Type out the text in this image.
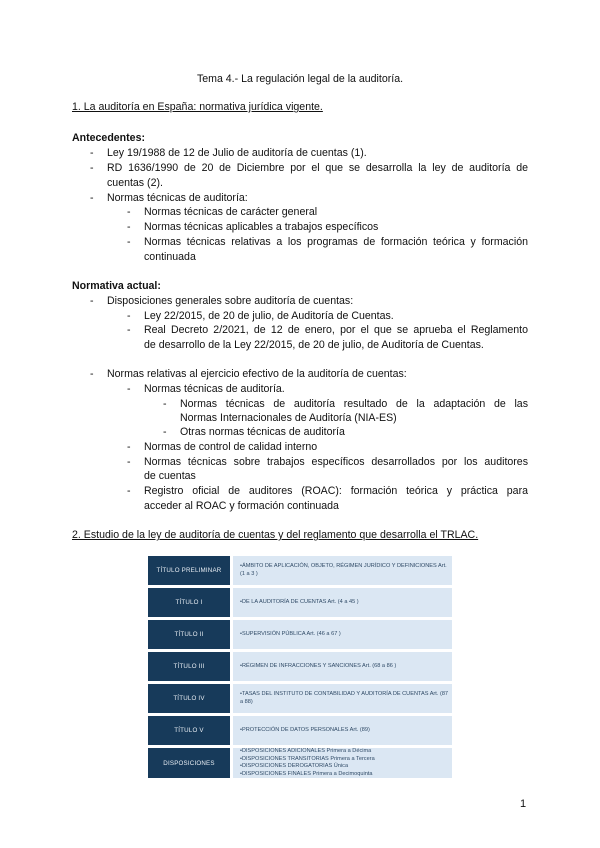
Tema 4.- La regulación legal de la auditoría.
1. La auditoría en España: normativa jurídica vigente.
Antecedentes:
- Ley 19/1988 de 12 de Julio de auditoría de cuentas (1).
- RD 1636/1990 de 20 de Diciembre por el que se desarrolla la ley de auditoría de
cuentas (2).
- Normas técnicas de auditoría:
- Normas técnicas de carácter general
- Normas técnicas aplicables a trabajos específicos
- Normas técnicas relativas a los programas de formación teórica y formación
continuada
Normativa actual:
- Disposiciones generales sobre auditoría de cuentas:
- Ley 22/2015, de 20 de julio, de Auditoría de Cuentas.
- Real Decreto 2/2021, de 12 de enero, por el que se aprueba el Reglamento
de desarrollo de la Ley 22/2015, de 20 de julio, de Auditoría de Cuentas.
- Normas relativas al ejercicio efectivo de la auditoría de cuentas:
- Normas técnicas de auditoría.
- Normas técnicas de auditoría resultado de la adaptación de las
Normas Internacionales de Auditoría (NIA-ES)
- Otras normas técnicas de auditoría
- Normas de control de calidad interno
- Normas técnicas sobre trabajos específicos desarrollados por los auditores
de cuentas
- Registro oficial de auditores (ROAC): formación teórica y práctica para
acceder al ROAC y formación continuada
2. Estudio de la ley de auditoría de cuentas y del reglamento que desarrolla el TRLAC.
TÍTULO PRELIMINAR	•ÁMBITO DE APLICACIÓN, OBJETO, RÉGIMEN JURÍDICO Y DEFINICIONES Art. (1 a 3 )
TÍTULO I	•DE LA AUDITORÍA DE CUENTAS Art. (4 a 45 )
TÍTULO II	•SUPERVISIÓN PÚBLICA Art. (46 a 67 )
TÍTULO III	•RÉGIMEN DE INFRACCIONES Y SANCIONES Art. (68 a 86 )
TÍTULO IV	•TASAS DEL INSTITUTO DE CONTABILIDAD Y AUDITORÍA DE CUENTAS Art. (87 a 88)
TÍTULO V	•PROTECCIÓN DE DATOS PERSONALES Art. (89)
DISPOSICIONES	•DISPOSICIONES ADICIONALES Primera a Décima
•DISPOSICIONES TRANSITORIAS Primera a Tercera
•DISPOSICIONES DEROGATORIAS Única
•DISPOSICIONES FINALES Primera a Decimoquinta
1
